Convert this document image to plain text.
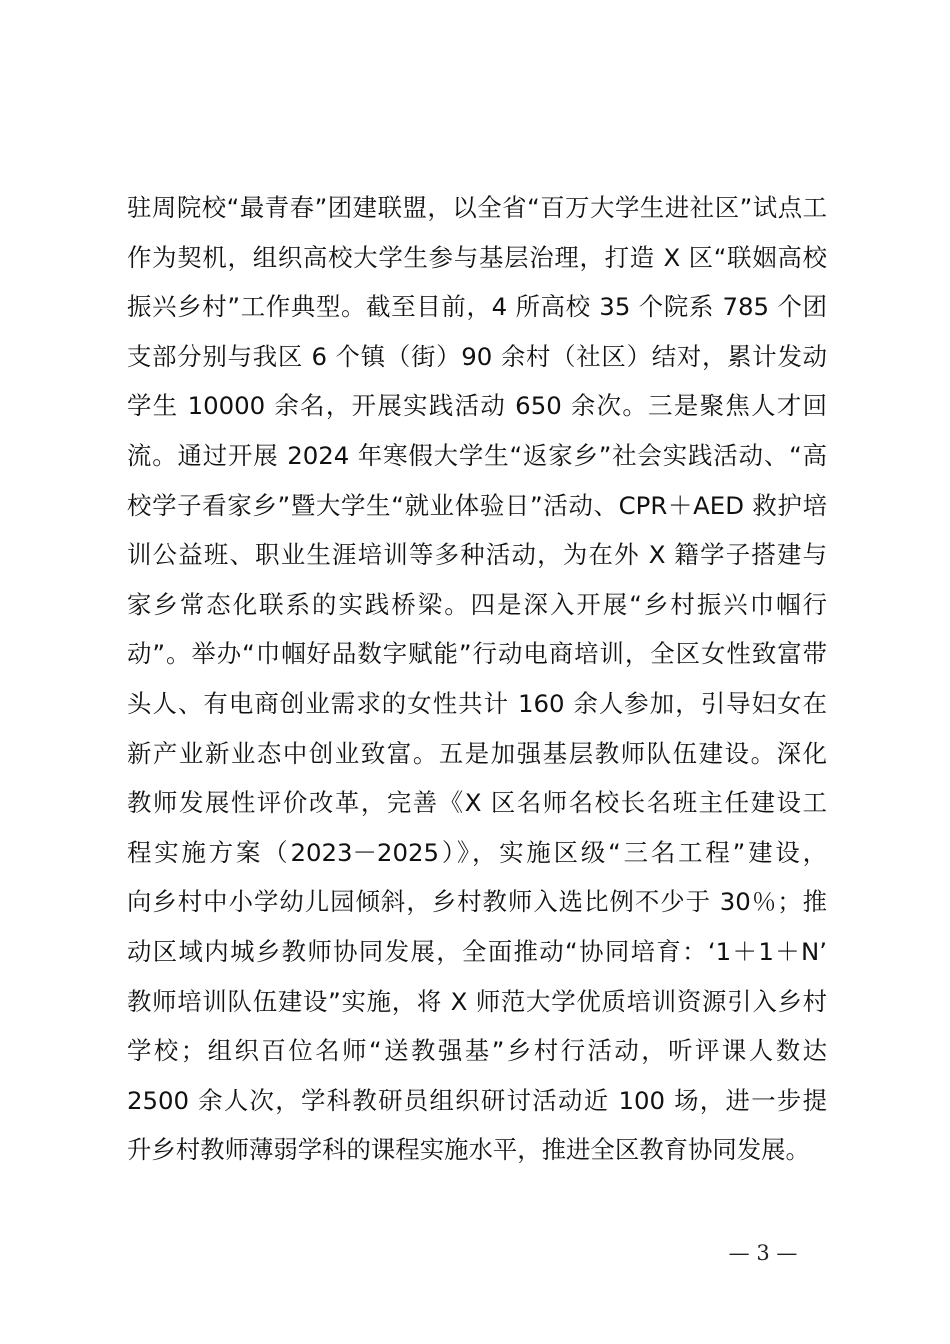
驻周院校“最青春”团建联盟，以全省“百万大学生进社区”试点工
作为契机，组织高校大学生参与基层治理，打造 X 区“联姻高校
振兴乡村”工作典型。截至目前，4 所高校 35 个院系 785 个团
支部分别与我区 6 个镇（街）90 余村（社区）结对，累计发动
学生 10000 余名，开展实践活动 650 余次。三是聚焦人才回
流。通过开展 2024 年寒假大学生“返家乡”社会实践活动、“高
校学子看家乡”暨大学生“就业体验日”活动、CPR＋AED 救护培
训公益班、职业生涯培训等多种活动，为在外 X 籍学子搭建与
家乡常态化联系的实践桥梁。四是深入开展“乡村振兴巾帼行
动”。举办“巾帼好品数字赋能”行动电商培训，全区女性致富带
头人、有电商创业需求的女性共计 160 余人参加，引导妇女在
新产业新业态中创业致富。五是加强基层教师队伍建设。深化
教师发展性评价改革，完善《X 区名师名校长名班主任建设工
程实施方案（2023－2025）》，实施区级“三名工程”建设，
向乡村中小学幼儿园倾斜，乡村教师入选比例不少于 30％；推
动区域内城乡教师协同发展，全面推动“协同培育：‘1＋1＋N’
教师培训队伍建设”实施，将 X 师范大学优质培训资源引入乡村
学校；组织百位名师“送教强基”乡村行活动，听评课人数达
2500 余人次，学科教研员组织研讨活动近 100 场，进一步提
升乡村教师薄弱学科的课程实施水平，推进全区教育协同发展。
— 3 —
